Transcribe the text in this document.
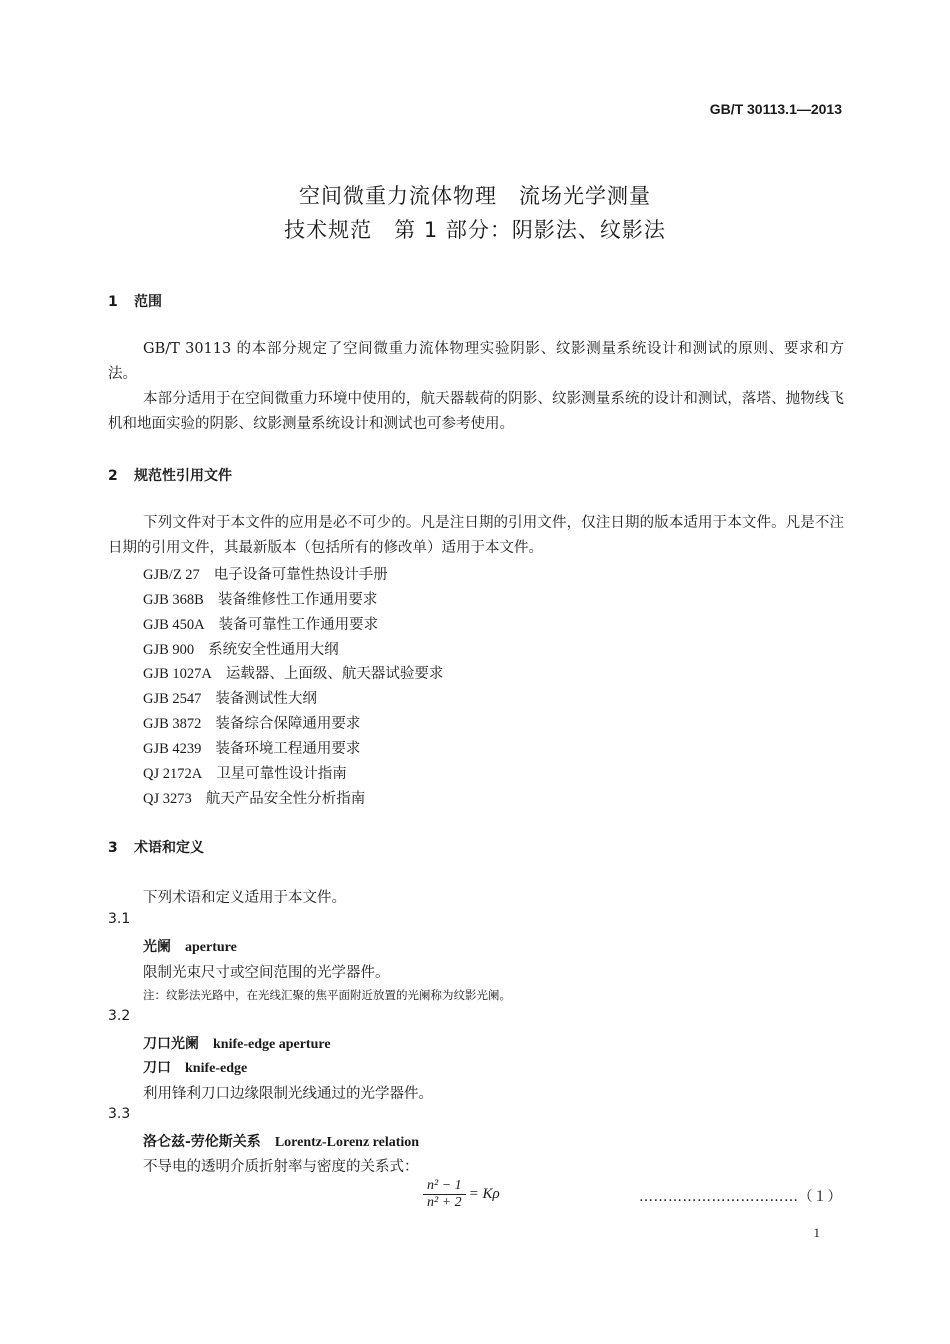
GB/T 30113.1—2013
空间微重力流体物理　流场光学测量
技术规范　第 1 部分：阴影法、纹影法
1 范围
GB/T 30113 的本部分规定了空间微重力流体物理实验阴影、纹影测量系统设计和测试的原则、要求和方法。
本部分适用于在空间微重力环境中使用的，航天器载荷的阴影、纹影测量系统的设计和测试，落塔、抛物线飞机和地面实验的阴影、纹影测量系统设计和测试也可参考使用。
2 规范性引用文件
下列文件对于本文件的应用是必不可少的。凡是注日期的引用文件，仅注日期的版本适用于本文件。凡是不注日期的引用文件，其最新版本（包括所有的修改单）适用于本文件。
GJB/Z 27 电子设备可靠性热设计手册
GJB 368B 装备维修性工作通用要求
GJB 450A 装备可靠性工作通用要求
GJB 900 系统安全性通用大纲
GJB 1027A 运载器、上面级、航天器试验要求
GJB 2547 装备测试性大纲
GJB 3872 装备综合保障通用要求
GJB 4239 装备环境工程通用要求
QJ 2172A 卫星可靠性设计指南
QJ 3273 航天产品安全性分析指南
3 术语和定义
下列术语和定义适用于本文件。
3.1
光阑 aperture
限制光束尺寸或空间范围的光学器件。
注：纹影法光路中，在光线汇聚的焦平面附近放置的光阑称为纹影光阑。
3.2
刀口光阑 knife-edge aperture
刀口 knife-edge
利用锋利刀口边缘限制光线通过的光学器件。
3.3
洛仑兹-劳伦斯关系 Lorentz-Lorenz relation
不导电的透明介质折射率与密度的关系式：
$\frac{\text{n² − 1}}{\text{n² + 2}} = K\rho$	……………………………（１）
1
